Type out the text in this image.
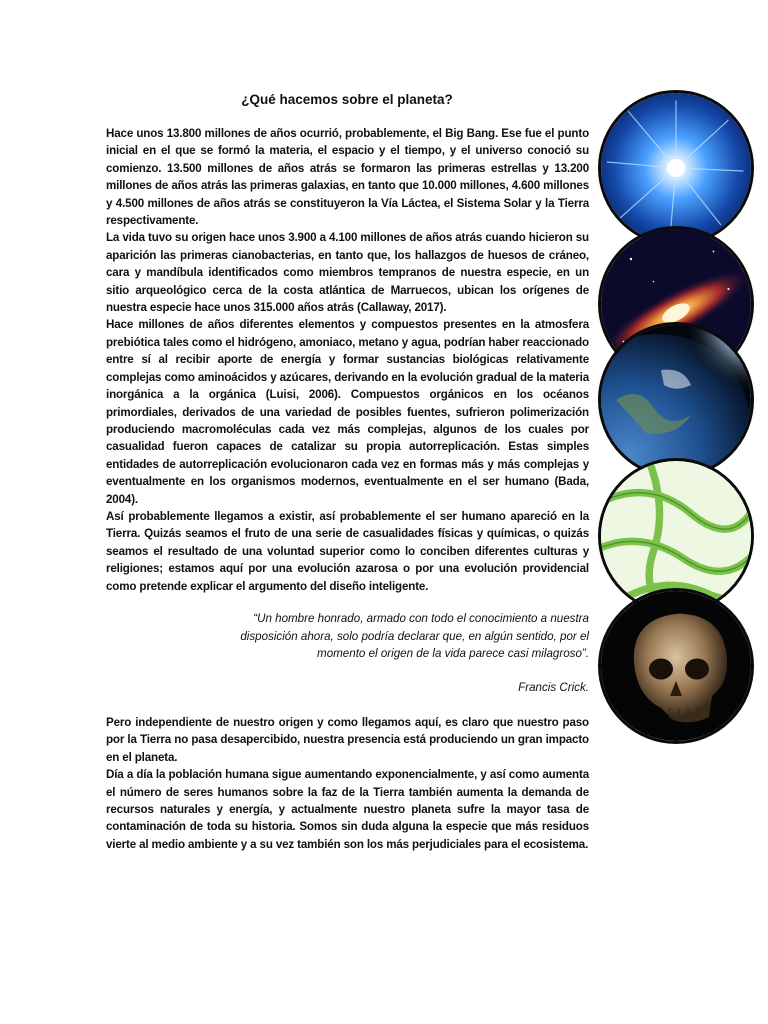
¿Qué hacemos sobre el planeta?

Hace unos 13.800 millones de años ocurrió, probablemente, el Big Bang. Ese fue el punto inicial en el que se formó la materia, el espacio y el tiempo, y el universo conoció su comienzo. 13.500 millones de años atrás se formaron las primeras estrellas y 13.200 millones de años atrás las primeras galaxias, en tanto que 10.000 millones, 4.600 millones y 4.500 millones de años atrás se constituyeron la Vía Láctea, el Sistema Solar y la Tierra respectivamente.

La vida tuvo su origen hace unos 3.900 a 4.100 millones de años atrás cuando hicieron su aparición las primeras cianobacterias, en tanto que, los hallazgos de huesos de cráneo, cara y mandíbula identificados como miembros tempranos de nuestra especie, en un sitio arqueológico cerca de la costa atlántica de Marruecos, ubican los orígenes de nuestra especie hace unos 315.000 años atrás (Callaway, 2017).

Hace millones de años diferentes elementos y compuestos presentes en la atmosfera prebiótica tales como el hidrógeno, amoniaco, metano y agua, podrían haber reaccionado entre sí al recibir aporte de energía y formar sustancias biológicas relativamente complejas como aminoácidos y azúcares, derivando en la evolución gradual de la materia inorgánica a la orgánica (Luisi, 2006). Compuestos orgánicos en los océanos primordiales, derivados de una variedad de posibles fuentes, sufrieron polimerización produciendo macromoléculas cada vez más complejas, algunos de los cuales por casualidad fueron capaces de catalizar su propia autorreplicación. Estas simples entidades de autorreplicación evolucionaron cada vez en formas más y más complejas y eventualmente en los organismos modernos, eventualmente en el ser humano (Bada, 2004).

Así probablemente llegamos a existir, así probablemente el ser humano apareció en la Tierra. Quizás seamos el fruto de una serie de casualidades físicas y químicas, o quizás seamos el resultado de una voluntad superior como lo conciben diferentes culturas y religiones; estamos aquí por una evolución azarosa o por una evolución providencial como pretende explicar el argumento del diseño inteligente.

“Un hombre honrado, armado con todo el conocimiento a nuestra disposición ahora, solo podría declarar que, en algún sentido, por el momento el origen de la vida parece casi milagroso”.
Francis Crick.

Pero independiente de nuestro origen y como llegamos aquí, es claro que nuestro paso por la Tierra no pasa desapercibido, nuestra presencia está produciendo un gran impacto en el planeta.

Día a día la población humana sigue aumentando exponencialmente, y así como aumenta el número de seres humanos sobre la faz de la Tierra también aumenta la demanda de recursos naturales y energía, y actualmente nuestro planeta sufre la mayor tasa de contaminación de toda su historia. Somos sin duda alguna la especie que más residuos vierte al medio ambiente y a su vez también son los más perjudiciales para el ecosistema.
